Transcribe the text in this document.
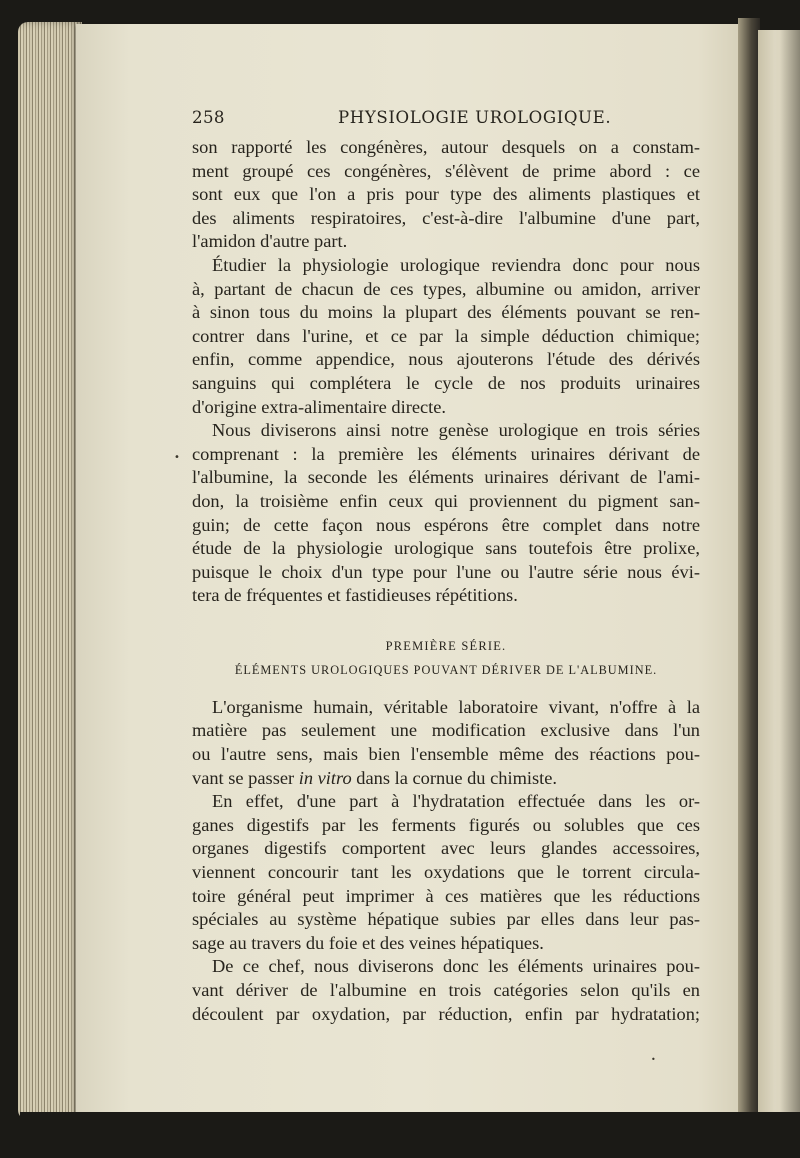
•
•
258	PHYSIOLOGIE UROLOGIQUE.
son rapporté les congénères, autour desquels on a constam-
ment groupé ces congénères, s'élèvent de prime abord : ce
sont eux que l'on a pris pour type des aliments plastiques et
des aliments respiratoires, c'est-à-dire l'albumine d'une part,
l'amidon d'autre part.
Étudier la physiologie urologique reviendra donc pour nous
à, partant de chacun de ces types, albumine ou amidon, arriver
à sinon tous du moins la plupart des éléments pouvant se ren-
contrer dans l'urine, et ce par la simple déduction chimique;
enfin, comme appendice, nous ajouterons l'étude des dérivés
sanguins qui complétera le cycle de nos produits urinaires
d'origine extra-alimentaire directe.
Nous diviserons ainsi notre genèse urologique en trois séries
comprenant : la première les éléments urinaires dérivant de
l'albumine, la seconde les éléments urinaires dérivant de l'ami-
don, la troisième enfin ceux qui proviennent du pigment san-
guin; de cette façon nous espérons être complet dans notre
étude de la physiologie urologique sans toutefois être prolixe,
puisque le choix d'un type pour l'une ou l'autre série nous évi-
tera de fréquentes et fastidieuses répétitions.
PREMIÈRE SÉRIE.
ÉLÉMENTS UROLOGIQUES POUVANT DÉRIVER DE L'ALBUMINE.
L'organisme humain, véritable laboratoire vivant, n'offre à la
matière pas seulement une modification exclusive dans l'un
ou l'autre sens, mais bien l'ensemble même des réactions pou-
vant se passer in vitro dans la cornue du chimiste.
En effet, d'une part à l'hydratation effectuée dans les or-
ganes digestifs par les ferments figurés ou solubles que ces
organes digestifs comportent avec leurs glandes accessoires,
viennent concourir tant les oxydations que le torrent circula-
toire général peut imprimer à ces matières que les réductions
spéciales au système hépatique subies par elles dans leur pas-
sage au travers du foie et des veines hépatiques.
De ce chef, nous diviserons donc les éléments urinaires pou-
vant dériver de l'albumine en trois catégories selon qu'ils en
découlent par oxydation, par réduction, enfin par hydratation;
